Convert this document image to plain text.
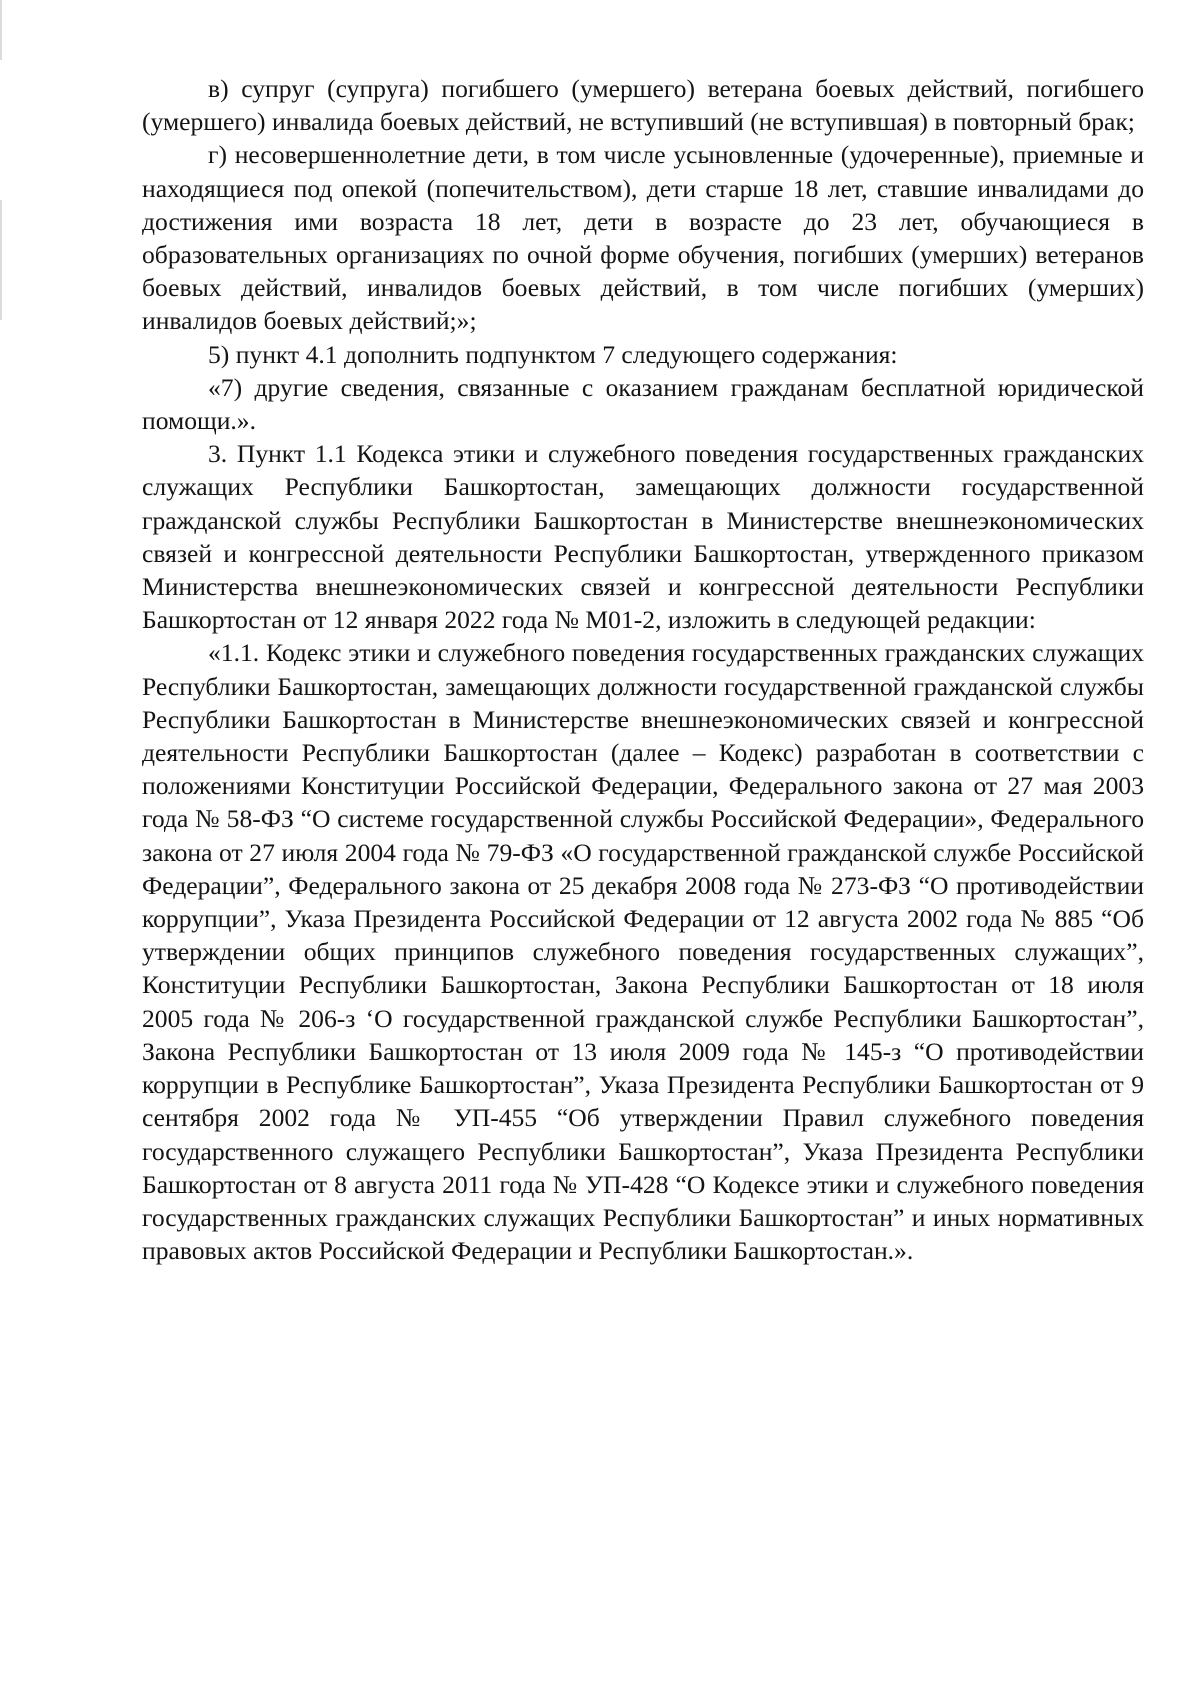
в) супруг (супруга) погибшего (умершего) ветерана боевых действий, погибшего (умершего) инвалида боевых действий, не вступивший (не вступившая) в повторный брак;

г) несовершеннолетние дети, в том числе усыновленные (удочеренные), приемные и находящиеся под опекой (попечительством), дети старше 18 лет, ставшие инвалидами до достижения ими возраста 18 лет, дети в возрасте до 23 лет, обучающиеся в образовательных организациях по очной форме обучения, погибших (умерших) ветеранов боевых действий, инвалидов боевых действий, в том числе погибших (умерших) инвалидов боевых действий;»;

5) пункт 4.1 дополнить подпунктом 7 следующего содержания:

«7) другие сведения, связанные с оказанием гражданам бесплатной юридической помощи.».

3. Пункт 1.1 Кодекса этики и служебного поведения государственных гражданских служащих Республики Башкортостан, замещающих должности государственной гражданской службы Республики Башкортостан в Министерстве внешнеэкономических связей и конгрессной деятельности Республики Башкортостан, утвержденного приказом Министерства внешнеэкономических связей и конгрессной деятельности Республики Башкортостан от 12 января 2022 года № М01-2, изложить в следующей редакции:

«1.1. Кодекс этики и служебного поведения государственных гражданских служащих Республики Башкортостан, замещающих должности государственной гражданской службы Республики Башкортостан в Министерстве внешнеэкономических связей и конгрессной деятельности Республики Башкортостан (далее – Кодекс) разработан в соответствии с положениями Конституции Российской Федерации, Федерального закона от 27 мая 2003 года № 58-ФЗ “О системе государственной службы Российской Федерации», Федерального закона от 27 июля 2004 года № 79-ФЗ «О государственной гражданской службе Российской Федерации”, Федерального закона от 25 декабря 2008 года № 273-ФЗ “О противодействии коррупции”, Указа Президента Российской Федерации от 12 августа 2002 года № 885 “Об утверждении общих принципов служебного поведения государственных служащих”, Конституции Республики Башкортостан, Закона Республики Башкортостан от 18 июля 2005 года № 206-з ‘О государственной гражданской службе Республики Башкортостан”, Закона Республики Башкортостан от 13 июля 2009 года № 145-з “О противодействии коррупции в Республике Башкортостан”, Указа Президента Республики Башкортостан от 9 сентября 2002 года № УП-455 “Об утверждении Правил служебного поведения государственного служащего Республики Башкортостан”, Указа Президента Республики Башкортостан от 8 августа 2011 года № УП-428 “О Кодексе этики и служебного поведения государственных гражданских служащих Республики Башкортостан” и иных нормативных правовых актов Российской Федерации и Республики Башкортостан.».
